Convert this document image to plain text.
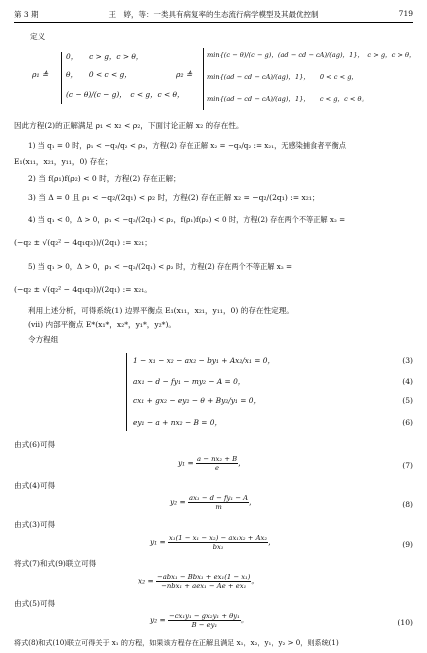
第 3 期	王　婷，等：一类具有病复率的生态流行病学模型及其最优控制	719
定义
ρ₁ ≜
0，　　c > g，c > θ，
θ，　　0 < c < g，
(c − θ)/(c − g)，　c < g，c < θ，
ρ₂ ≜
min{(c − θ)/(c − g)，(ad − cd − cA)/(ag)，1}，　c > g，c > θ，
min{(ad − cd − cA)/(ag)，1}，　　0 < c < g，
min{(ad − cd − cA)/(ag)，1}，　　c < g，c < θ。
因此方程(2)的正解满足 ρ₁ < x₂ < ρ₂，下面讨论正解 x₂ 的存在性。
1) 当 q₁ = 0 时，ρ₁ < −q₃/q₂ < ρ₂，方程(2) 存在正解 x₂ = −q₃/q₂ := x₂₁，无感染捕食者平衡点
E₁(x₁₁，x₂₁，y₁₁，0) 存在；
2) 当 f(ρ₁)f(ρ₂) < 0 时，方程(2) 存在正解；
3) 当 Δ = 0 且 ρ₁ < −q₂/(2q₁) < ρ₂ 时，方程(2) 存在正解 x₂ = −q₂/(2q₁) := x₂₁；
4) 当 q₁ < 0，Δ > 0，ρ₁ < −q₂/(2q₁) < ρ₂，f(ρ₁)f(ρ₂) < 0 时，方程(2) 存在两个不等正解 x₂ =
(−q₂ ± √(q₂² − 4q₁q₃))/(2q₁) := x₂₁；
5) 当 q₁ > 0，Δ > 0，ρ₁ < −q₂/(2q₁) < ρ₂ 时，方程(2) 存在两个不等正解 x₂ =
(−q₂ ± √(q₂² − 4q₁q₃))/(2q₁) := x₂₁。
利用上述分析，可得系统(1) 边界平衡点 E₁(x₁₁，x₂₁，y₁₁，0) 的存在性定理。
(vii) 内部平衡点 E*(x₁*，x₂*，y₁*，y₂*)。
令方程组
1 − x₁ − x₂ − ax₂ − by₁ + Ax₂/x₁ = 0，	(3)
ax₁ − d − fy₁ − my₂ − A = 0，	(4)
cx₁ + gx₂ − ey₂ − θ + By₂/y₁ = 0，	(5)
ey₁ − a + nx₂ − B = 0，	(6)
由式(6)可得
$y_1 = \frac{\text{a − nx₂ + B}}{e}$ ，	(7)
由式(4)可得
$y_2 = \frac{\text{ax₁ − d − fy₁ − A}}{m}$ ，	(8)
由式(3)可得
$y_1 = \frac{\text{x₁(1 − x₁ − x₂) − ax₁x₂ + Ax₂}}{\text{bx₁}}$ ，	(9)
将式(7)和式(9)联立可得
$x_2 = \frac{\text{−abx₁ − Bbx₁ + ex₁(1 − x₁)}}{\text{−nbx₁ + aex₁ − Ae + ex₁}}$ 。
由式(5)可得
$y_2 = \frac{\text{−cx₁y₁ − gx₂y₁ + θy₁}}{\text{B − ey₁}}$ 。	(10)
将式(8)和式(10)联立可得关于 x₁ 的方程，如果该方程存在正解且满足 x₁，x₂，y₁，y₂ > 0，则系统(1)
